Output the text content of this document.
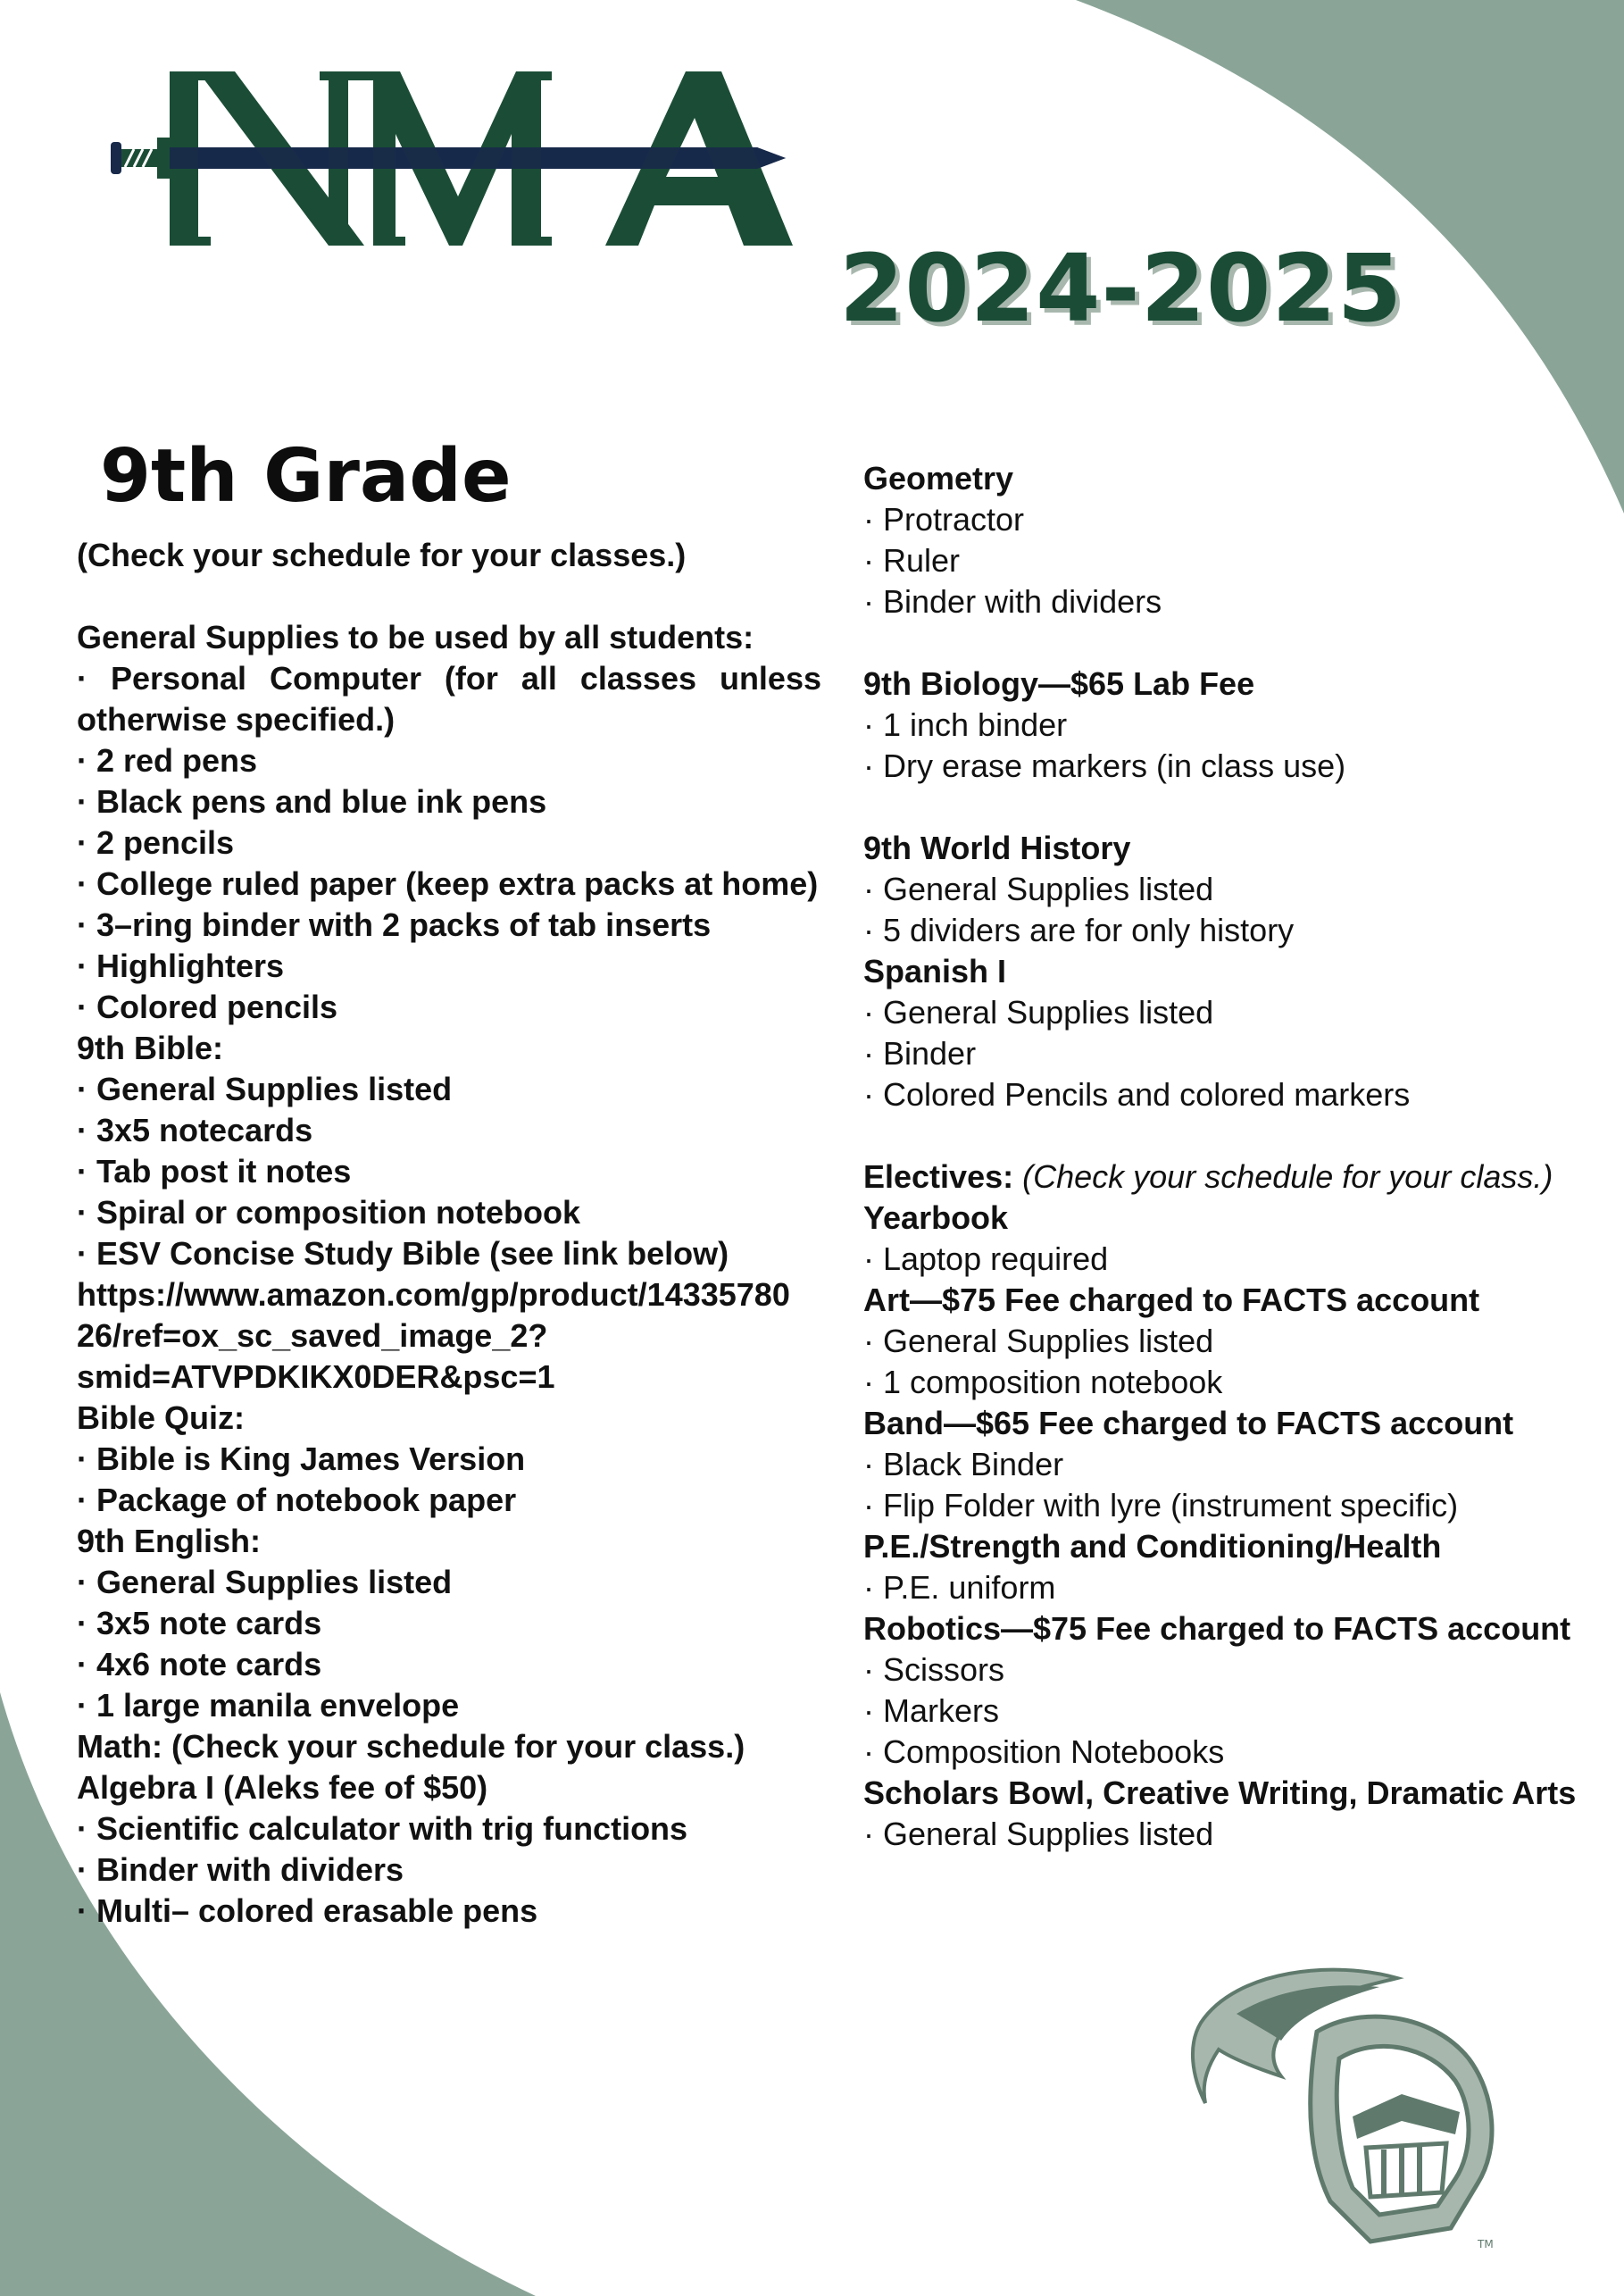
2024-2025
9th Grade
(Check your schedule for your classes.)
General Supplies to be used by all students:
· Personal Computer (for all classes unless
otherwise specified.)
· 2 red pens
· Black pens and blue ink pens
· 2 pencils
· College ruled paper (keep extra packs at home)
· 3–ring binder with 2 packs of tab inserts
· Highlighters
· Colored pencils
9th Bible:
· General Supplies listed
· 3x5 notecards
· Tab post it notes
· Spiral or composition notebook
· ESV Concise Study Bible (see link below)
https://www.amazon.com/gp/product/14335780
26/ref=ox_sc_saved_image_2?
smid=ATVPDKIKX0DER&psc=1
Bible Quiz:
· Bible is King James Version
· Package of notebook paper
9th English:
· General Supplies listed
· 3x5 note cards
· 4x6 note cards
· 1 large manila envelope
Math: (Check your schedule for your class.)
Algebra I (Aleks fee of $50)
· Scientific calculator with trig functions
· Binder with dividers
· Multi– colored erasable pens
Geometry
· Protractor
· Ruler
· Binder with dividers
9th Biology—$65 Lab Fee
· 1 inch binder
· Dry erase markers (in class use)
9th World History
· General Supplies listed
· 5 dividers are for only history
Spanish I
· General Supplies listed
· Binder
· Colored Pencils and colored markers
Electives: (Check your schedule for your class.)
Yearbook
· Laptop required
Art—$75 Fee charged to FACTS account
· General Supplies listed
· 1 composition notebook
Band—$65 Fee charged to FACTS account
· Black Binder
· Flip Folder with lyre (instrument specific)
P.E./Strength and Conditioning/Health
· P.E. uniform
Robotics—$75 Fee charged to FACTS account
· Scissors
· Markers
· Composition Notebooks
Scholars Bowl, Creative Writing, Dramatic Arts
· General Supplies listed
TM
